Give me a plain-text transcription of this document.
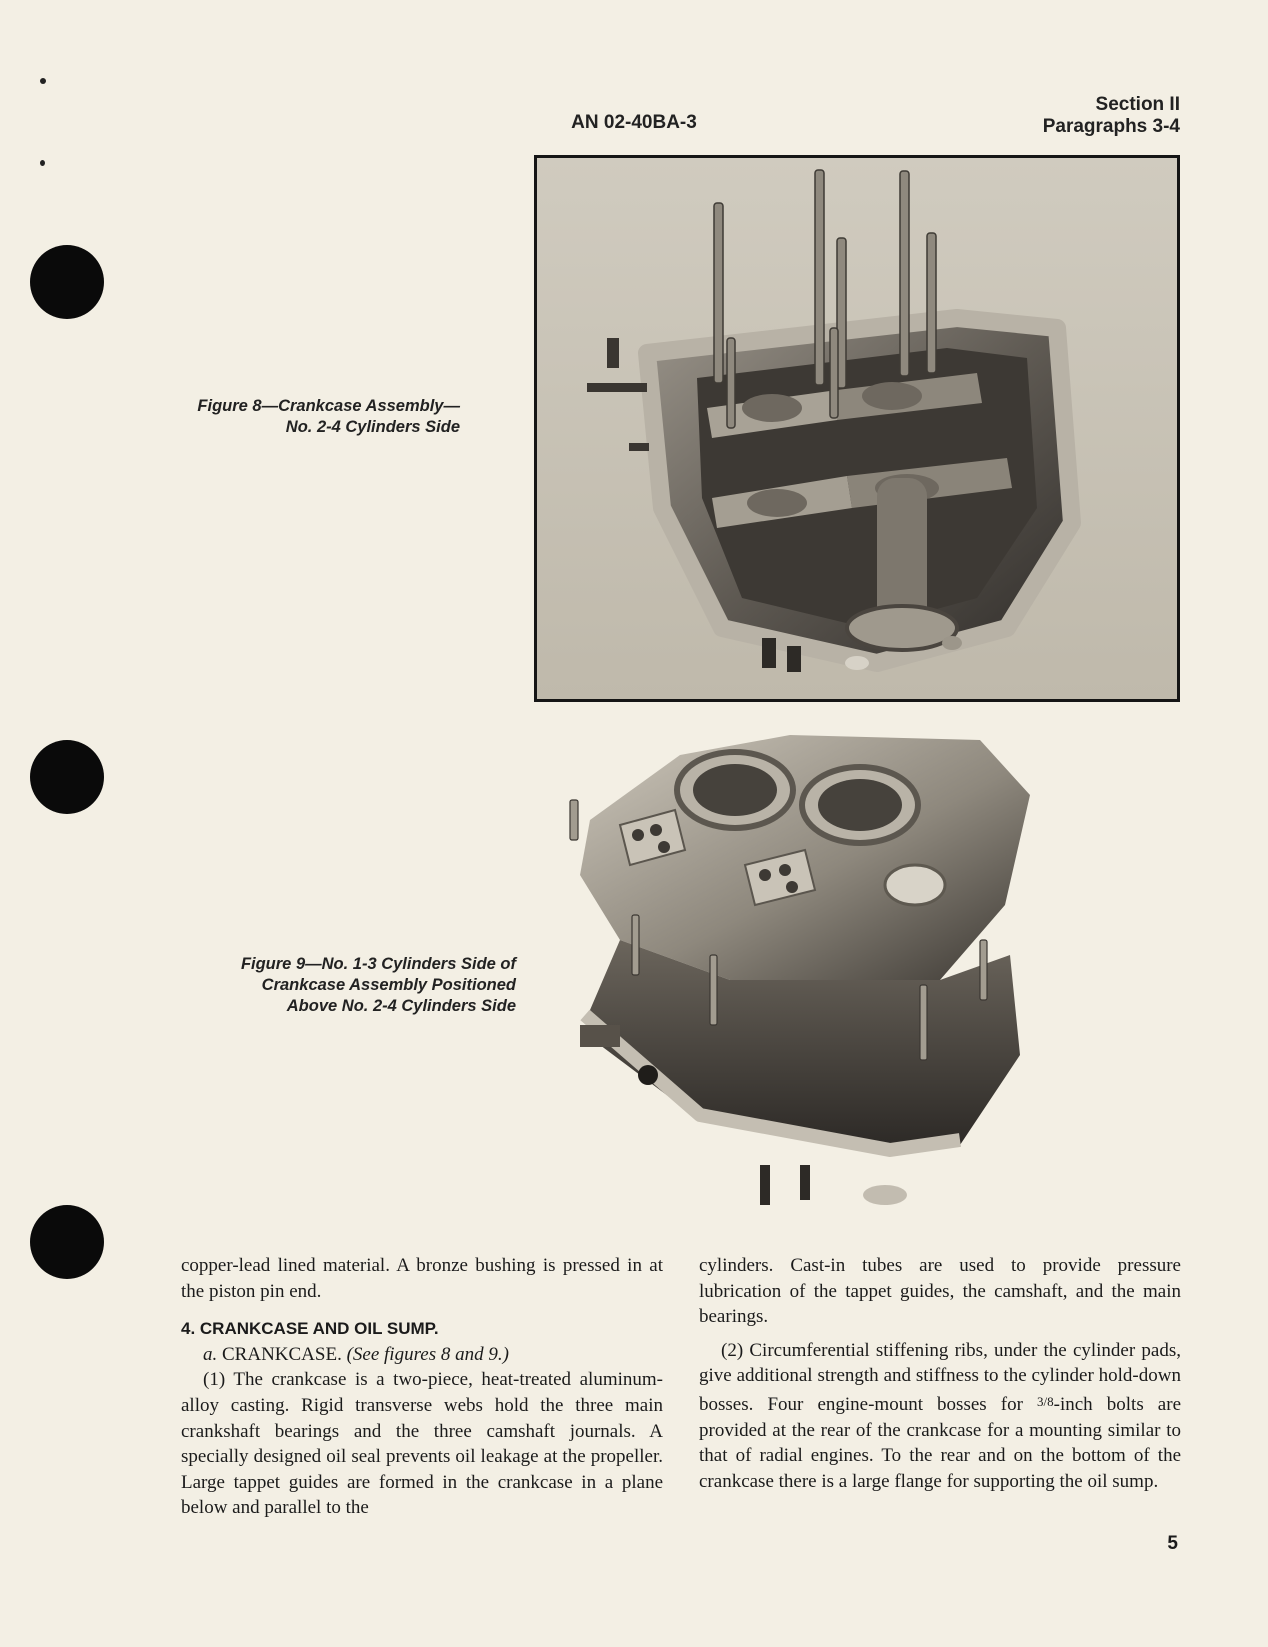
AN 02-40BA-3
Section II
Paragraphs 3-4
Figure 8—Crankcase Assembly—
No. 2-4 Cylinders Side
Figure 9—No. 1-3 Cylinders Side of
Crankcase Assembly Positioned
Above No. 2-4 Cylinders Side

copper-lead lined material. A bronze bushing is pressed in at the piston pin end.

4. CRANKCASE AND OIL SUMP.

a. CRANKCASE. (See figures 8 and 9.)

(1) The crankcase is a two-piece, heat-treated aluminum-alloy casting. Rigid transverse webs hold the three main crankshaft bearings and the three camshaft journals. A specially designed oil seal prevents oil leakage at the propeller. Large tappet guides are formed in the crankcase in a plane below and parallel to the

cylinders. Cast-in tubes are used to provide pressure lubrication of the tappet guides, the camshaft, and the main bearings.

(2) Circumferential stiffening ribs, under the cylinder pads, give additional strength and stiffness to the cylinder hold-down bosses. Four engine-mount bosses for $^{3/8}$-inch bolts are provided at the rear of the crankcase for a mounting similar to that of radial engines. To the rear and on the bottom of the crankcase there is a large flange for supporting the oil sump.

5
